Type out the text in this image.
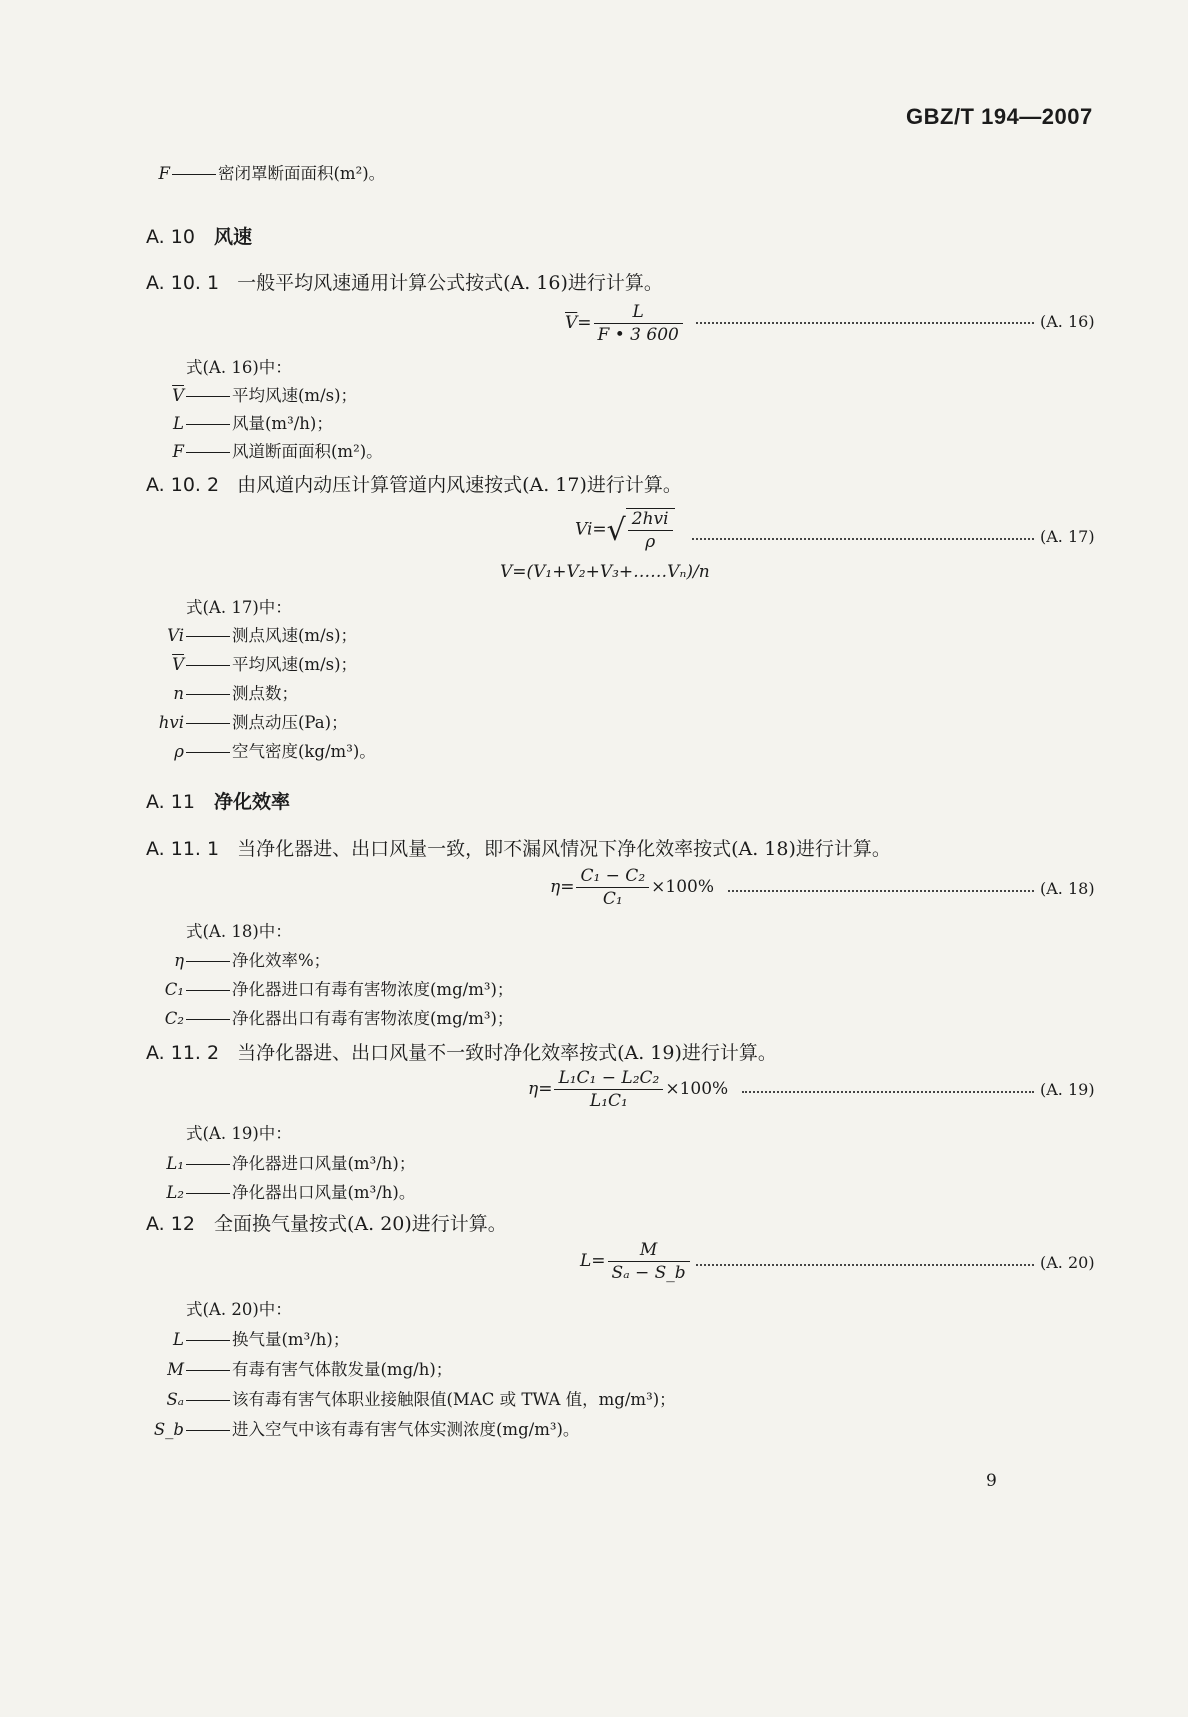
GBZ/T 194—2007
F	密闭罩断面面积(m²)。
A. 10 风速
A. 10. 1 一般平均风速通用计算公式按式(A. 16)进行计算。
$\overline{V}= \frac{L}{F • 3 600}$	(A. 16)
式(A. 16)中：
$\overline{V}$	平均风速(m/s)；
L	风量(m³/h)；
F	风道断面面积(m²)。
A. 10. 2 由风道内动压计算管道内风速按式(A. 17)进行计算。
$Vi=√ \frac{\text{2hvi}}{\rho}$	(A. 17)
V=(V₁+V₂+V₃+……Vₙ)/n
式(A. 17)中：
Vi	测点风速(m/s)；
$\overline{V}$	平均风速(m/s)；
n	测点数；
hvi	测点动压(Pa)；
ρ	空气密度(kg/m³)。
A. 11 净化效率
A. 11. 1 当净化器进、出口风量一致，即不漏风情况下净化效率按式(A. 18)进行计算。
$\eta= \frac{\text{C₁ − C₂}}{\text{C₁}} \times 100\%$	(A. 18)
式(A. 18)中：
η	净化效率%；
C₁	净化器进口有毒有害物浓度(mg/m³)；
C₂	净化器出口有毒有害物浓度(mg/m³)；
A. 11. 2 当净化器进、出口风量不一致时净化效率按式(A. 19)进行计算。
$\eta= \frac{\text{L₁C₁ − L₂C₂}}{\text{L₁C₁}} \times 100\%$	(A. 19)
式(A. 19)中：
L₁	净化器进口风量(m³/h)；
L₂	净化器出口风量(m³/h)。
A. 12 全面换气量按式(A. 20)进行计算。
$L= \frac{M}{\text{Sₐ − S\_b}}$	(A. 20)
式(A. 20)中：
L	换气量(m³/h)；
M	有毒有害气体散发量(mg/h)；
Sₐ	该有毒有害气体职业接触限值(MAC 或 TWA 值，mg/m³)；
S_b	进入空气中该有毒有害气体实测浓度(mg/m³)。
9
